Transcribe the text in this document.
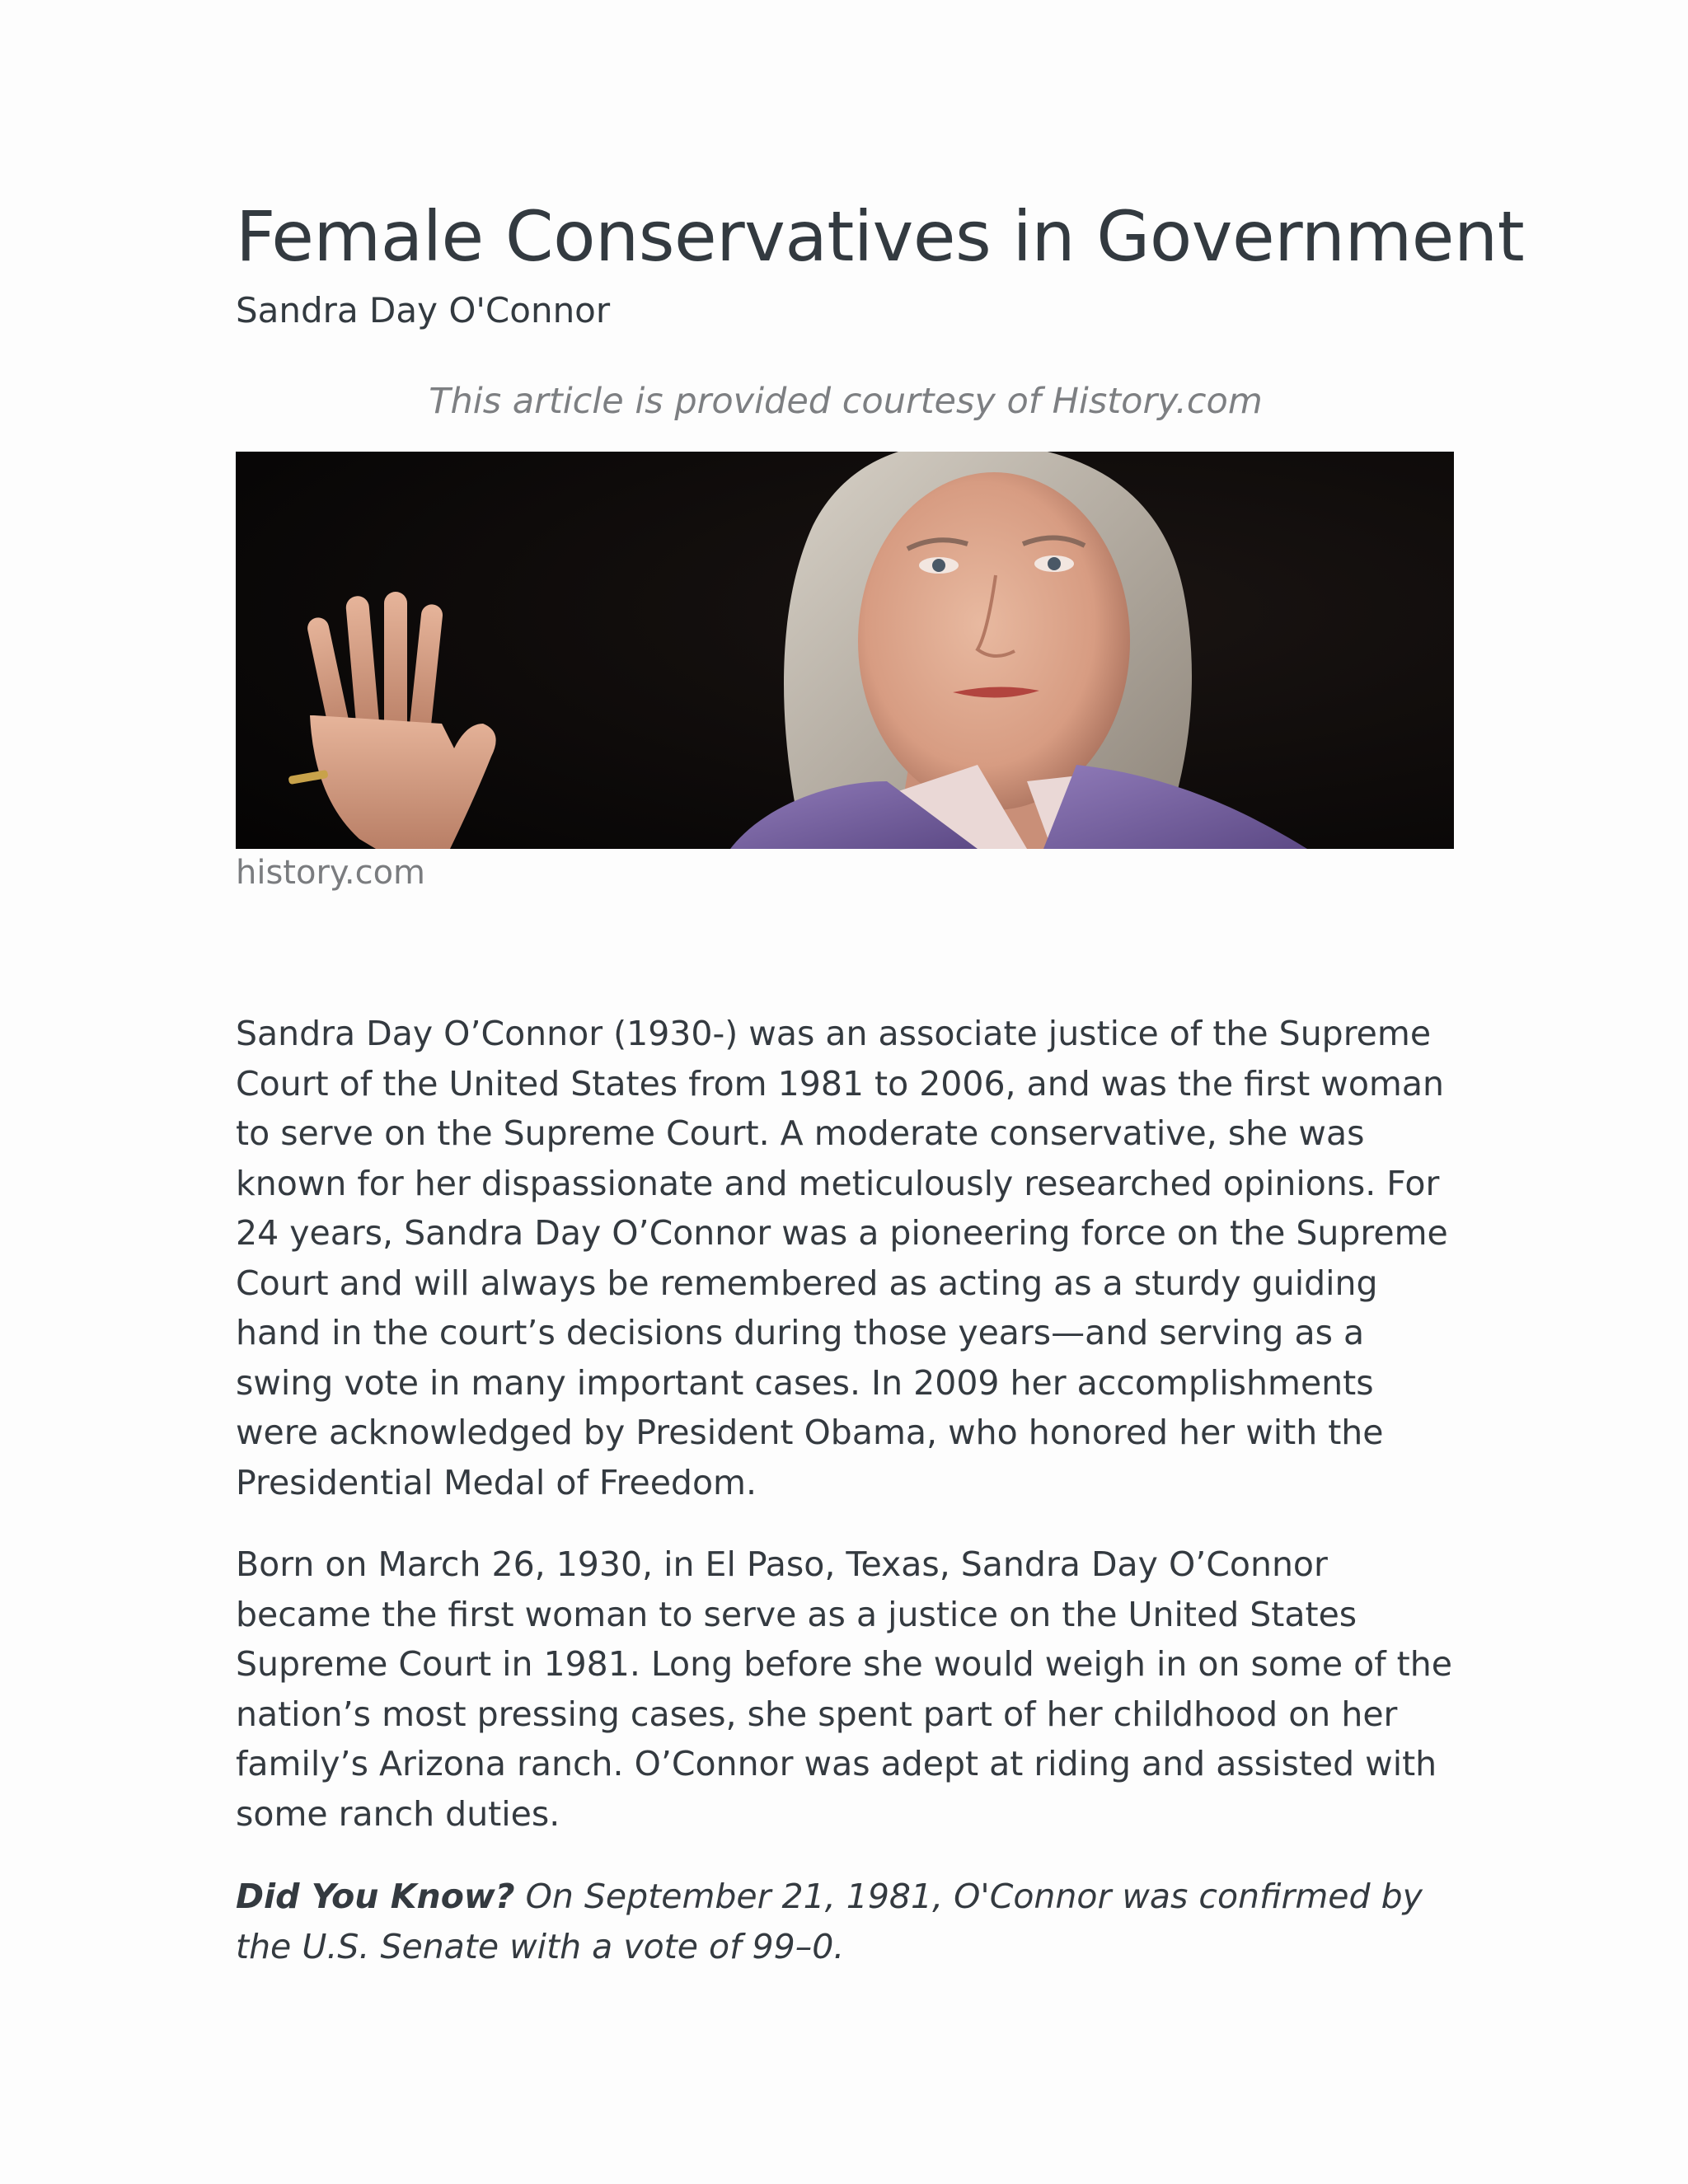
Female Conservatives in Government
Sandra Day O'Connor
This article is provided courtesy of History.com
history.com

Sandra Day O’Connor (1930-) was an associate justice of the Supreme Court of the United States from 1981 to 2006, and was the first woman to serve on the Supreme Court. A moderate conservative, she was known for her dispassionate and meticulously researched opinions. For 24 years, Sandra Day O’Connor was a pioneering force on the Supreme Court and will always be remembered as acting as a sturdy guiding hand in the court’s decisions during those years—and serving as a swing vote in many important cases. In 2009 her accomplishments were acknowledged by President Obama, who honored her with the Presidential Medal of Freedom.

Born on March 26, 1930, in El Paso, Texas, Sandra Day O’Connor became the first woman to serve as a justice on the United States Supreme Court in 1981. Long before she would weigh in on some of the nation’s most pressing cases, she spent part of her childhood on her family’s Arizona ranch. O’Connor was adept at riding and assisted with some ranch duties.

Did You Know? On September 21, 1981, O'Connor was confirmed by the U.S. Senate with a vote of 99–0.
